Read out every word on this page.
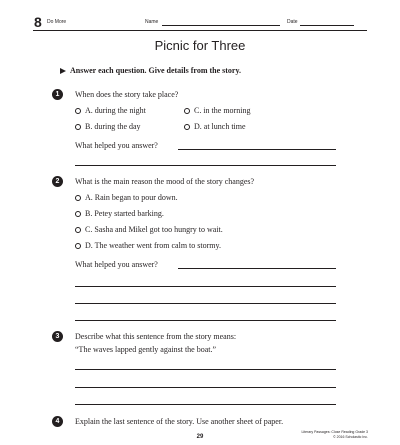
8 Do More	Name	Date
Picnic for Three
Answer each question. Give details from the story.
1	When does the story take place?
A. during the night	C. in the morning
B. during the day	D. at lunch time
What helped you answer?
2	What is the main reason the mood of the story changes?
A. Rain began to pour down.
B. Petey started barking.
C. Sasha and Mikel got too hungry to wait.
D. The weather went from calm to stormy.
What helped you answer?
3	Describe what this sentence from the story means:
“The waves lapped gently against the boat.”
4	Explain the last sentence of the story. Use another sheet of paper.
29
Literary Passages: Close Reading Grade 3
© 2016 Scholastic Inc.
